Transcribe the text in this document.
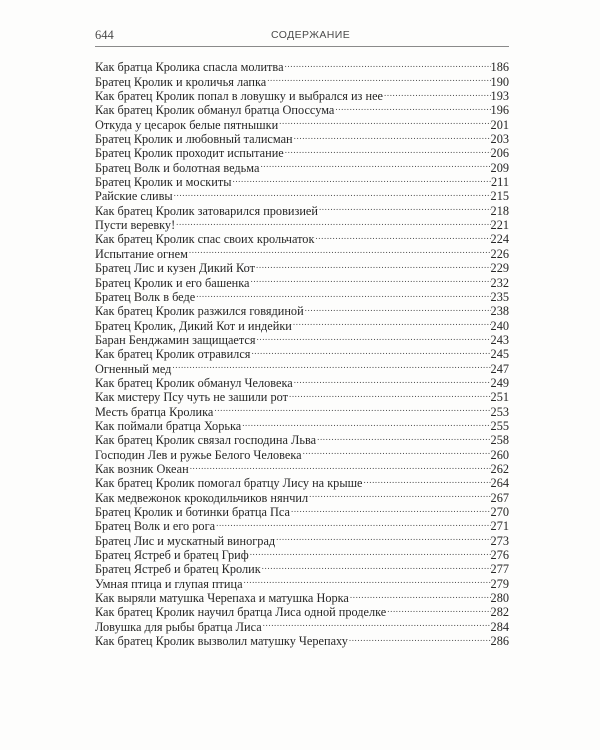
644	СОДЕРЖАНИЕ
Как братца Кролика спасла молитва .....	186
Братец Кролик и кроличья лапка .....	190
Как братец Кролик попал в ловушку и выбрался из нее .....	193
Как братец Кролик обманул братца Опоссума .....	196
Откуда у цесарок белые пятнышки .....	201
Братец Кролик и любовный талисман .....	203
Братец Кролик проходит испытание .....	206
Братец Волк и болотная ведьма .....	209
Братец Кролик и москиты .....	211
Райские сливы .....	215
Как братец Кролик затоварился провизией .....	218
Пусти веревку! .....	221
Как братец Кролик спас своих крольчаток .....	224
Испытание огнем .....	226
Братец Лис и кузен Дикий Кот .....	229
Братец Кролик и его башенка .....	232
Братец Волк в беде .....	235
Как братец Кролик разжился говядиной .....	238
Братец Кролик, Дикий Кот и индейки .....	240
Баран Бенджамин защищается .....	243
Как братец Кролик отравился .....	245
Огненный мед .....	247
Как братец Кролик обманул Человека .....	249
Как мистеру Псу чуть не зашили рот .....	251
Месть братца Кролика .....	253
Как поймали братца Хорька .....	255
Как братец Кролик связал господина Льва .....	258
Господин Лев и ружье Белого Человека .....	260
Как возник Океан .....	262
Как братец Кролик помогал братцу Лису на крыше .....	264
Как медвежонок крокодильчиков нянчил .....	267
Братец Кролик и ботинки братца Пса .....	270
Братец Волк и его рога .....	271
Братец Лис и мускатный виноград .....	273
Братец Ястреб и братец Гриф .....	276
Братец Ястреб и братец Кролик .....	277
Умная птица и глупая птица .....	279
Как выряли матушка Черепаха и матушка Норка .....	280
Как братец Кролик научил братца Лиса одной проделке .....	282
Ловушка для рыбы братца Лиса .....	284
Как братец Кролик вызволил матушку Черепаху .....	286
